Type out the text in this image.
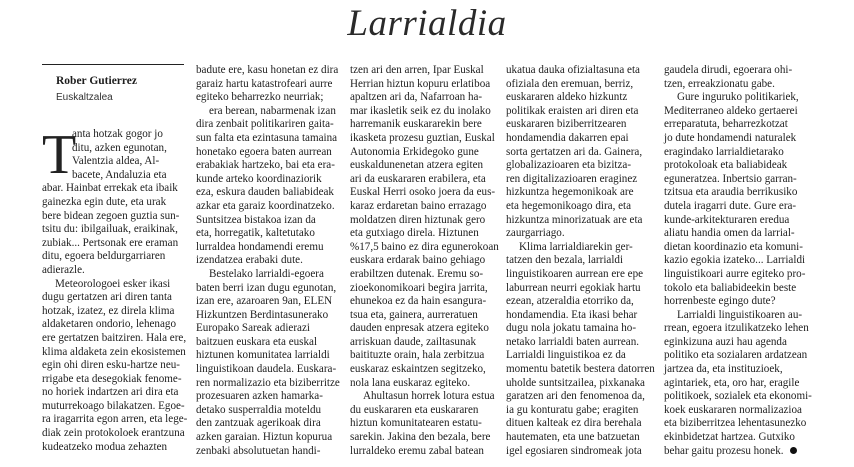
Larrialdia
Rober Gutierrez
Euskaltzalea
T
anta hotzak gogor jo
ditu, azken egunotan,
Valentzia aldea, Al-
bacete, Andaluzia eta
abar. Hainbat errekak eta ibaik
gainezka egin dute, eta urak
bere bidean zegoen guztia sun-
tsitu du: ibilgailuak, eraikinak,
zubiak... Pertsonak ere eraman
ditu, egoera beldurgarriaren
adierazle.
Meteorologoei esker ikasi
dugu gertatzen ari diren tanta
hotzak, izatez, ez direla klima
aldaketaren ondorio, lehenago
ere gertatzen baitziren. Hala ere,
klima aldaketa zein ekosistemen
egin ohi diren esku-hartze neu-
rrigabe eta desegokiak fenome-
no horiek indartzen ari dira eta
muturrekoago bilakatzen. Egoe-
ra iragarrita egon arren, eta lege-
diak zein protokoloek erantzuna
kudeatzeko modua zehazten
badute ere, kasu honetan ez dira
garaiz hartu katastrofeari aurre
egiteko beharrezko neurriak;
era berean, nabarmenak izan
dira zenbait politikariren gaita-
sun falta eta ezintasuna tamaina
honetako egoera baten aurrean
erabakiak hartzeko, bai eta era-
kunde arteko koordinaziorik
eza, eskura dauden baliabideak
azkar eta garaiz koordinatzeko.
Suntsitzea bistakoa izan da
eta, horregatik, kaltetutako
lurraldea hondamendi eremu
izendatzea erabaki dute.
Bestelako larrialdi-egoera
baten berri izan dugu egunotan,
izan ere, azaroaren 9an, ELEN
Hizkuntzen Berdintasunerako
Europako Sareak adierazi
baitzuen euskara eta euskal
hiztunen komunitatea larrialdi
linguistikoan daudela. Euskara-
ren normalizazio eta biziberritze
prozesuaren azken hamarka-
detako susperraldia moteldu
den zantzuak agerikoak dira
azken garaian. Hiztun kopurua
zenbaki absolutuetan handi-
tzen ari den arren, Ipar Euskal
Herrian hiztun kopuru erlatiboa
apaltzen ari da, Nafarroan ha-
mar ikasletik seik ez du inolako
harremanik euskararekin bere
ikasketa prozesu guztian, Euskal
Autonomia Erkidegoko gune
euskaldunenetan atzera egiten
ari da euskararen erabilera, eta
Euskal Herri osoko joera da eus-
karaz erdaretan baino errazago
moldatzen diren hiztunak gero
eta gutxiago direla. Hiztunen
%17,5 baino ez dira egunerokoan
euskara erdarak baino gehiago
erabiltzen dutenak. Eremu so-
zioekonomikoari begira jarrita,
ehunekoa ez da hain esangura-
tsua eta, gainera, aurreratuen
dauden enpresak atzera egiteko
arriskuan daude, zailtasunak
baitituzte orain, hala zerbitzua
euskaraz eskaintzen segitzeko,
nola lana euskaraz egiteko.
Ahultasun horrek lotura estua
du euskararen eta euskararen
hiztun komunitatearen estatu-
sarekin. Jakina den bezala, bere
lurraldeko eremu zabal batean
ukatua dauka ofizialtasuna eta
ofiziala den eremuan, berriz,
euskararen aldeko hizkuntz
politikak eraisten ari diren eta
euskararen biziberritzearen
hondamendia dakarren epai
sorta gertatzen ari da. Gainera,
globalizazioaren eta bizitza-
ren digitalizazioaren eraginez
hizkuntza hegemonikoak are
eta hegemonikoago dira, eta
hizkuntza minorizatuak are eta
zaurgarriago.
Klima larrialdiarekin ger-
tatzen den bezala, larrialdi
linguistikoaren aurrean ere epe
laburrean neurri egokiak hartu
ezean, atzeraldia etorriko da,
hondamendia. Eta ikasi behar
dugu nola jokatu tamaina ho-
netako larrialdi baten aurrean.
Larrialdi linguistikoa ez da
momentu batetik bestera datorren
uholde suntsitzailea, pixkanaka
garatzen ari den fenomenoa da,
ia gu konturatu gabe; eragiten
dituen kalteak ez dira berehala
hautematen, eta une batzuetan
igel egosiaren sindromeak jota
gaudela dirudi, egoerara ohi-
tzen, erreakzionatu gabe.
Gure inguruko politikariek,
Mediterraneo aldeko gertaerei
erreparatuta, beharrezkotzat
jo dute hondamendi naturalek
eragindako larrialdietarako
protokoloak eta baliabideak
eguneratzea. Inbertsio garran-
tzitsua eta araudia berrikusiko
dutela iragarri dute. Gure era-
kunde-arkitekturaren eredua
aliatu handia omen da larrial-
dietan koordinazio eta komuni-
kazio egokia izateko... Larrialdi
linguistikoari aurre egiteko pro-
tokolo eta baliabideekin beste
horrenbeste egingo dute?
Larrialdi linguistikoaren au-
rrean, egoera itzulikatzeko lehen
eginkizuna auzi hau agenda
politiko eta sozialaren ardatzean
jartzea da, eta instituzioek,
agintariek, eta, oro har, eragile
politikoek, sozialek eta ekonomi-
koek euskararen normalizazioa
eta biziberritzea lehentasunezko
ekinbidetzat hartzea. Gutxiko
behar gaitu prozesu honek.
